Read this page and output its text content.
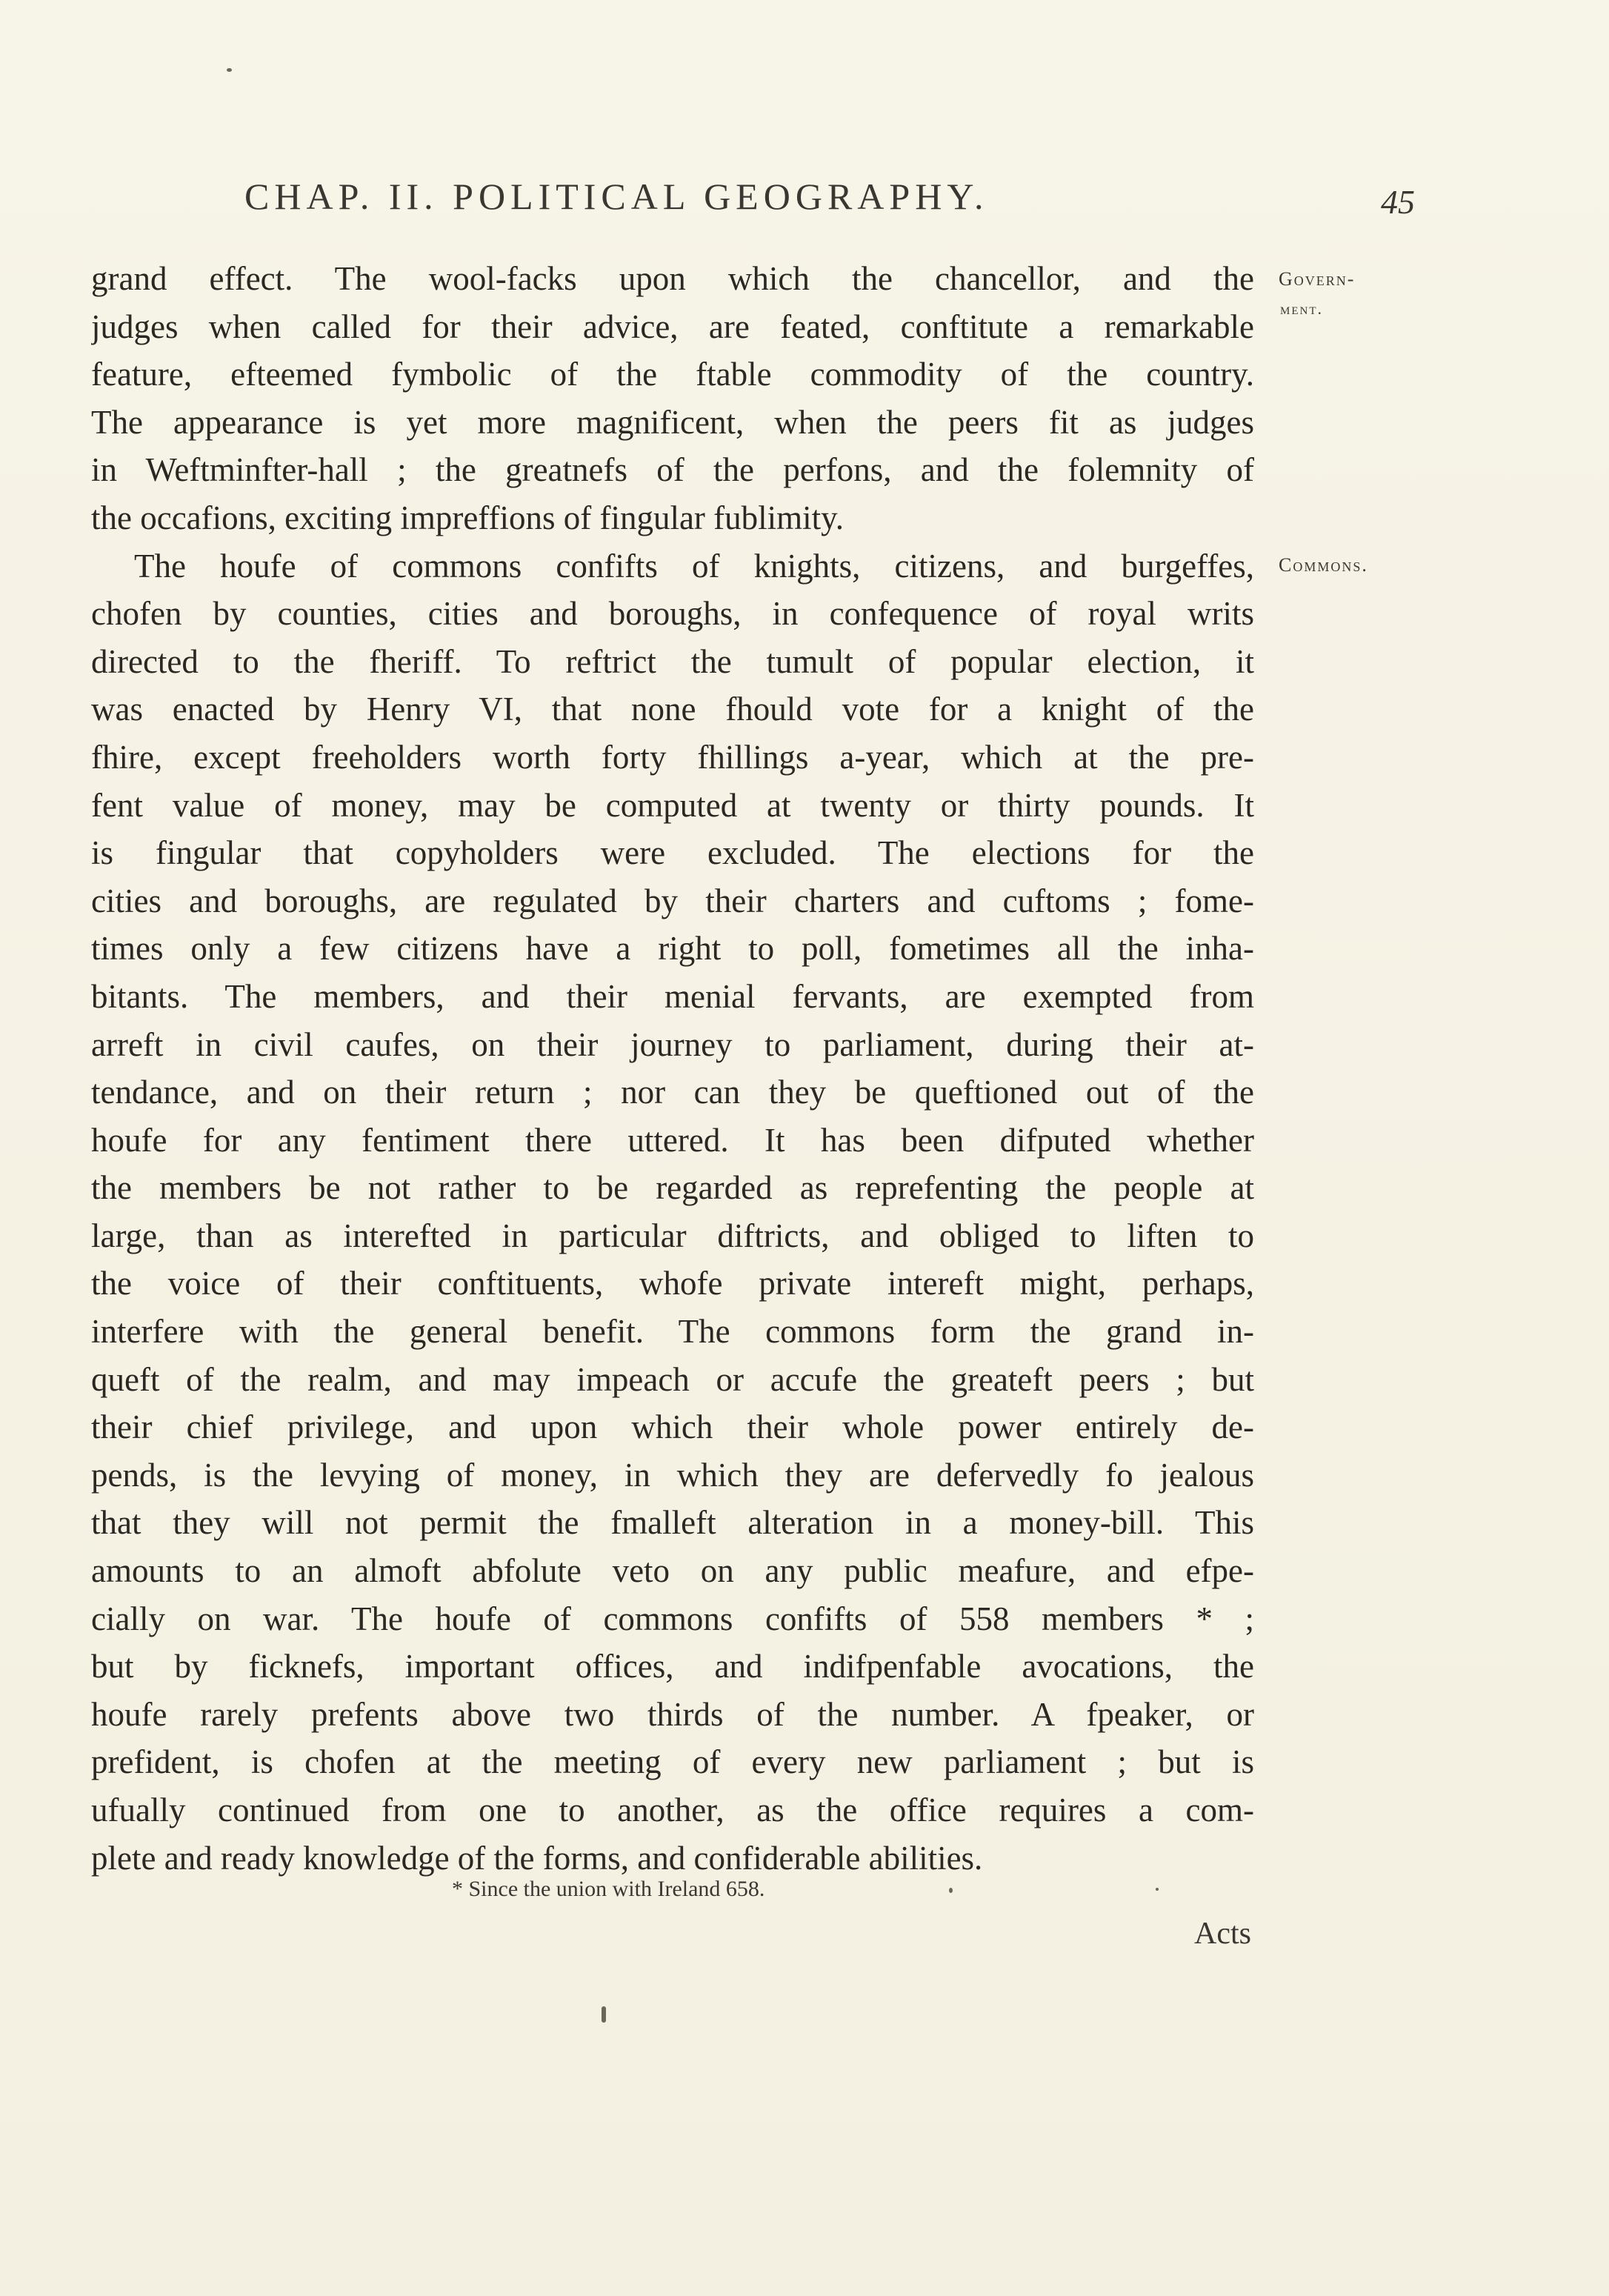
CHAP. II. POLITICAL GEOGRAPHY.	45
Govern-
ment.
Commons.
grand effect. The wool-facks upon which the chancellor, and the
judges when called for their advice, are feated, conftitute a remarkable
feature, efteemed fymbolic of the ftable commodity of the country.
The appearance is yet more magnificent, when the peers fit as judges
in Weftminfter-hall ; the greatnefs of the perfons, and the folemnity of
the occafions, exciting impreffions of fingular fublimity.
The houfe of commons confifts of knights, citizens, and burgeffes,
chofen by counties, cities and boroughs, in confequence of royal writs
directed to the fheriff. To reftrict the tumult of popular election, it
was enacted by Henry VI, that none fhould vote for a knight of the
fhire, except freeholders worth forty fhillings a-year, which at the pre-
fent value of money, may be computed at twenty or thirty pounds. It
is fingular that copyholders were excluded. The elections for the
cities and boroughs, are regulated by their charters and cuftoms ; fome-
times only a few citizens have a right to poll, fometimes all the inha-
bitants. The members, and their menial fervants, are exempted from
arreft in civil caufes, on their journey to parliament, during their at-
tendance, and on their return ; nor can they be queftioned out of the
houfe for any fentiment there uttered. It has been difputed whether
the members be not rather to be regarded as reprefenting the people at
large, than as interefted in particular diftricts, and obliged to liften to
the voice of their conftituents, whofe private intereft might, perhaps,
interfere with the general benefit. The commons form the grand in-
queft of the realm, and may impeach or accufe the greateft peers ; but
their chief privilege, and upon which their whole power entirely de-
pends, is the levying of money, in which they are defervedly fo jealous
that they will not permit the fmalleft alteration in a money-bill. This
amounts to an almoft abfolute veto on any public meafure, and efpe-
cially on war. The houfe of commons confifts of 558 members * ;
but by ficknefs, important offices, and indifpenfable avocations, the
houfe rarely prefents above two thirds of the number. A fpeaker, or
prefident, is chofen at the meeting of every new parliament ; but is
ufually continued from one to another, as the office requires a com-
plete and ready knowledge of the forms, and confiderable abilities.
* Since the union with Ireland 658.
Acts
